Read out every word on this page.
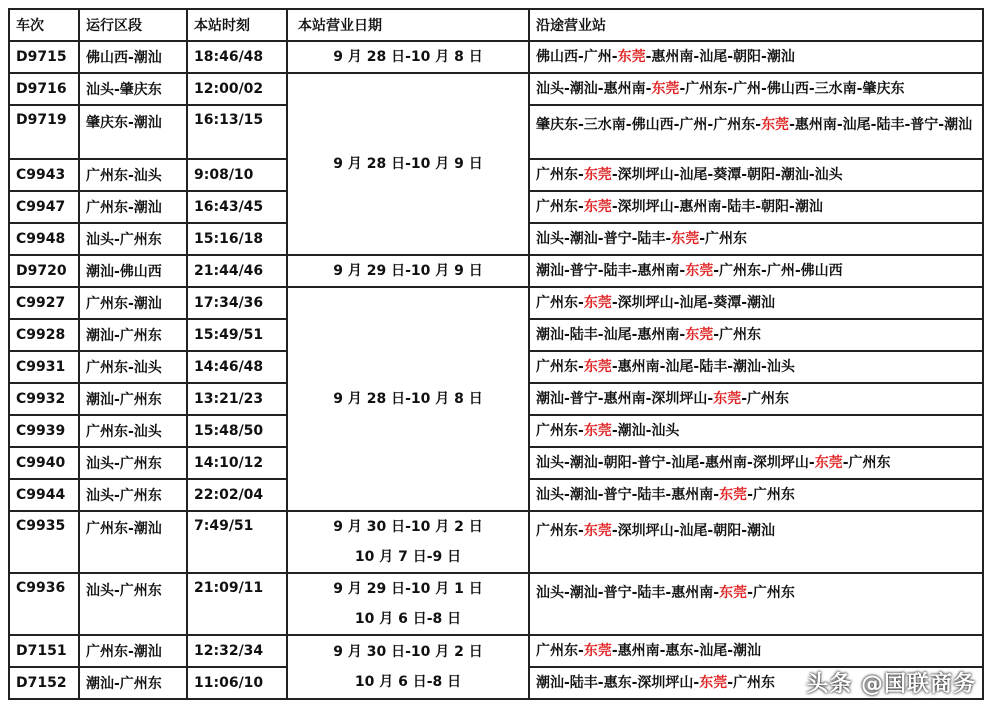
车次	运行区段	本站时刻	本站营业日期	沿途营业站
D9715	佛山西-潮汕	18:46/48	9 月 28 日-10 月 8 日	佛山西-广州-东莞-惠州南-汕尾-朝阳-潮汕
D9716	汕头-肇庆东	12:00/02	9 月 28 日-10 月 9 日	汕头-潮汕-惠州南-东莞-广州东-广州-佛山西-三水南-肇庆东
D9719	肇庆东-潮汕	16:13/15		肇庆东-三水南-佛山西-广州-广州东-东莞-惠州南-汕尾-陆丰-普宁-潮汕
C9943	广州东-汕头	9:08/10		广州东-东莞-深圳坪山-汕尾-葵潭-朝阳-潮汕-汕头
C9947	广州东-潮汕	16:43/45		广州东-东莞-深圳坪山-惠州南-陆丰-朝阳-潮汕
C9948	汕头-广州东	15:16/18		汕头-潮汕-普宁-陆丰-东莞-广州东
D9720	潮汕-佛山西	21:44/46	9 月 29 日-10 月 9 日	潮汕-普宁-陆丰-惠州南-东莞-广州东-广州-佛山西
C9927	广州东-潮汕	17:34/36	9 月 28 日-10 月 8 日	广州东-东莞-深圳坪山-汕尾-葵潭-潮汕
C9928	潮汕-广州东	15:49/51		潮汕-陆丰-汕尾-惠州南-东莞-广州东
C9931	广州东-汕头	14:46/48		广州东-东莞-惠州南-汕尾-陆丰-潮汕-汕头
C9932	潮汕-广州东	13:21/23		潮汕-普宁-惠州南-深圳坪山-东莞-广州东
C9939	广州东-汕头	15:48/50		广州东-东莞-潮汕-汕头
C9940	汕头-广州东	14:10/12		汕头-潮汕-朝阳-普宁-汕尾-惠州南-深圳坪山-东莞-广州东
C9944	汕头-广州东	22:02/04		汕头-潮汕-普宁-陆丰-惠州南-东莞-广州东
C9935	广州东-潮汕	7:49/51	9 月 30 日-10 月 2 日
10 月 7 日-9 日	广州东-东莞-深圳坪山-汕尾-朝阳-潮汕
C9936	汕头-广州东	21:09/11	9 月 29 日-10 月 1 日
10 月 6 日-8 日	汕头-潮汕-普宁-陆丰-惠州南-东莞-广州东
D7151	广州东-潮汕	12:32/34	9 月 30 日-10 月 2 日
10 月 6 日-8 日	广州东-东莞-惠州南-惠东-汕尾-潮汕
D7152	潮汕-广州东	11:06/10		潮汕-陆丰-惠东-深圳坪山-东莞-广州东 头条 @国联商务
